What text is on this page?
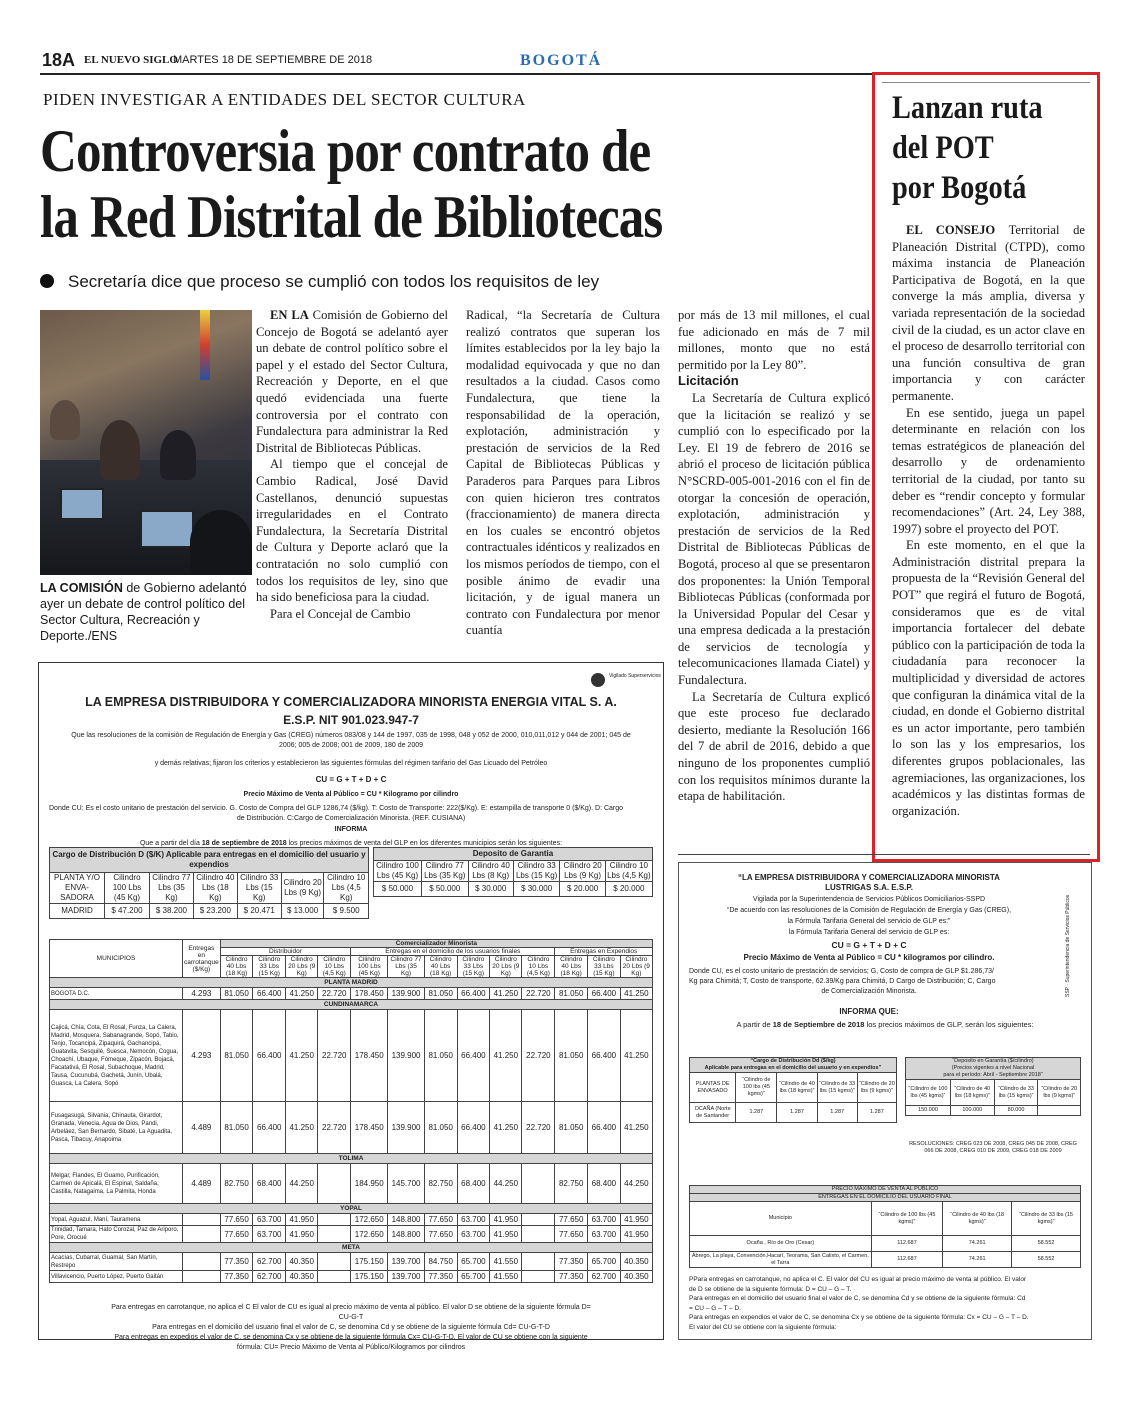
18A EL NUEVO SIGLO
MARTES 18 DE SEPTIEMBRE DE 2018	BOGOTÁ
PIDEN INVESTIGAR A ENTIDADES DEL SECTOR CULTURA
Controversia por contrato de
la Red Distrital de Bibliotecas
Secretaría dice que proceso se cumplió con todos los requisitos de ley
LA COMISIÓN de Gobierno adelantó ayer un debate de control político del Sector Cultura, Recreación y Deporte./ENS

EN LA Comisión de Gobierno del Concejo de Bogotá se adelantó ayer un debate de control político sobre el papel y el estado del Sector Cultura, Recreación y Deporte, en el que quedó evidenciada una fuerte controversia por el contrato con Fundalectura para administrar la Red Distrital de Bibliotecas Públicas.

Al tiempo que el concejal de Cambio Radical, José David Castellanos, denunció supuestas irregularidades en el Contrato Fundalectura, la Secretaría Distrital de Cultura y Deporte aclaró que la contratación no solo cumplió con todos los requisitos de ley, sino que ha sido beneficiosa para la ciudad.

Para el Concejal de Cambio

Radical, “la Secretaría de Cultura realizó contratos que superan los límites establecidos por la ley bajo la modalidad equivocada y que no dan resultados a la ciudad. Casos como Fundalectura, que tiene la responsabilidad de la operación, explotación, administración y prestación de servicios de la Red Capital de Bibliotecas Públicas y Paraderos para Parques para Libros con quien hicieron tres contratos (fraccionamiento) de manera directa en los cuales se encontró objetos contractuales idénticos y realizados en los mismos períodos de tiempo, con el posible ánimo de evadir una licitación, y de igual manera un contrato con Fundalectura por menor cuantía

por más de 13 mil millones, el cual fue adicionado en más de 7 mil millones, monto que no está permitido por la Ley 80”.

Licitación

La Secretaría de Cultura explicó que la licitación se realizó y se cumplió con lo especificado por la Ley. El 19 de febrero de 2016 se abrió el proceso de licitación pública N°SCRD-005-001-2016 con el fin de otorgar la concesión de operación, explotación, administración y prestación de servicios de la Red Distrital de Bibliotecas Públicas de Bogotá, proceso al que se presentaron dos proponentes: la Unión Temporal Bibliotecas Públicas (conformada por la Universidad Popular del Cesar y una empresa dedicada a la prestación de servicios de tecnología y telecomunicaciones llamada Ciatel) y Fundalectura.

La Secretaría de Cultura explicó que este proceso fue declarado desierto, mediante la Resolución 166 del 7 de abril de 2016, debido a que ninguno de los proponentes cumplió con los requisitos mínimos durante la etapa de habilitación.

Lanzan ruta
del POT
por Bogotá

EL CONSEJO Territorial de Planeación Distrital (CTPD), como máxima instancia de Planeación Participativa de Bogotá, en la que converge la más amplia, diversa y variada representación de la sociedad civil de la ciudad, es un actor clave en el proceso de desarrollo territorial con una función consultiva de gran importancia y con carácter permanente.

En ese sentido, juega un papel determinante en relación con los temas estratégicos de planeación del desarrollo y de ordenamiento territorial de la ciudad, por tanto su deber es “rendir concepto y formular recomendaciones” (Art. 24, Ley 388, 1997) sobre el proyecto del POT.

En este momento, en el que la Administración distrital prepara la propuesta de la “Revisión General del POT” que regirá el futuro de Bogotá, consideramos que es de vital importancia fortalecer del debate público con la participación de toda la ciudadanía para reconocer la multiplicidad y diversidad de actores que configuran la dinámica vital de la ciudad, en donde el Gobierno distrital es un actor importante, pero también lo son las y los empresarios, los diferentes grupos poblacionales, las agremiaciones, las organizaciones, los académicos y las distintas formas de organización.

Vigilado Superservicios
LA EMPRESA DISTRIBUIDORA Y COMERCIALIZADORA MINORISTA ENERGIA VITAL S. A.
E.S.P. NIT 901.023.947-7
Que las resoluciones de la comisión de Regulación de Energía y Gas (CREG) números 083/08 y 144 de 1997, 035 de 1998, 048 y 052 de 2000, 010,011,012 y 044 de 2001; 045 de
2006; 005 de 2008; 001 de 2009, 180 de 2009
y demás relativas; fijaron los criterios y establecieron las siguientes fórmulas del régimen tarifario del Gas Licuado del Petróleo
CU = G + T + D + C
Precio Máximo de Venta al Público = CU * Kilogramo por cilindro
Donde CU: Es el costo unitario de prestación del servicio. G. Costo de Compra del GLP 1286,74 ($/kg). T: Costo de Transporte: 222($/Kg). E: estampilla de transporte 0 ($/Kg). D: Cargo
de Distribución. C:Cargo de Comercialización Minorista. (REF. CUSIANA)
INFORMA
Que a partir del día 18 de septiembre de 2018 los precios máximos de venta del GLP en los diferentes municipios serán los siguientes:
Cargo de Distribución D ($/K) Aplicable para entregas en el domicilio del usuario y expendios						
PLANTA Y/O ENVA-SADORA	Cilindro 100 Lbs (45 Kg)	Cilindro 77 Lbs (35 Kg)	Cilindro 40 Lbs (18 Kg)	Cilindro 33 Lbs (15 Kg)	Cilindro 20 Lbs (9 Kg)	Cilindro 10 Lbs (4,5 Kg)
MADRID	$ 47.200	$ 38.200	$ 23.200	$ 20.471	$ 13.000	$ 9.500
Deposito de Garantia					
Cilindro 100 Lbs (45 Kg)	Cilindro 77 Lbs (35 Kg)	Cilindro 40 Lbs (8 Kg)	Cilindro 33 Lbs (15 Kg)	Cilindro 20 Lbs (9 Kg)	Cilindro 10 Lbs (4,5 Kg)
$ 50.000	$ 50.000	$ 30.000	$ 30.000	$ 20.000	$ 20.000
MUNICIPIOS	Entregas en carrotanque ($/Kg)	Comercializador Minorista												
		Distribuidor				Entregas en el domicilio de los usuarios finales						Entregas en Expendios		
		Cilindro 40 Lbs (18 Kg)	Cilindro 33 Lbs (15 Kg)	Cilindro 20 Lbs (9 Kg)	Cilindro 10 Lbs (4,5 Kg)	Cilindro 100 Lbs (45 Kg)	Cilindro 77 Lbs (35 Kg)	Cilindro 40 Lbs (18 Kg)	Cilindro 33 Lbs (15 Kg)	Cilindro 20 Lbs (9 Kg)	Cilindro 10 Lbs (4,5 Kg)	Cilindro 40 Lbs (18 Kg)	Cilindro 33 Lbs (15 Kg)	Cilindro 20 Lbs (9 Kg)
PLANTA MADRID														
BOGOTA D.C.	4.293	81.050	66.400	41.250	22.720	178.450	139.900	81.050	66.400	41.250	22.720	81.050	66.400	41.250
CUNDINAMARCA														
Cajicá, Chía, Cota, El Rosal, Funza, La Calera, Madrid, Mosquera, Sabanagrande, Sopó, Tabio, Tenjo, Tocancipá, Zipaquirá, Gachancipá, Guatavita, Sesquilé, Suesca, Nemocón, Cogua, Choachí, Ubaque, Fómeque, Zipacón, Bojacá, Facatativá, El Rosal, Subachoque, Madrid, Tausa, Cucunubá, Gachetá, Junín, Ubalá, Guasca, La Calera, Sopó	4.293	81.050	66.400	41.250	22.720	178.450	139.900	81.050	66.400	41.250	22.720	81.050	66.400	41.250
Fusagasugá, Silvania, Chinauta, Girardot, Granada, Venecia, Agua de Dios, Pandi, Arbeláez, San Bernardo, Sibaté, La Aguadita, Pasca, Tibacuy, Anapoima	4.489	81.050	66.400	41.250	22.720	178.450	139.900	81.050	66.400	41.250	22.720	81.050	66.400	41.250
TOLIMA														
Melgar, Flandes, El Guamo, Purificación, Carmen de Apicalá, El Espinal, Saldaña, Castilla, Natagaima, La Palmita, Honda	4.489	82.750	68.400	44.250		184.950	145.700	82.750	68.400	44.250		82.750	68.400	44.250
YOPAL														
Yopal, Aguazul, Maní, Tauramena		77.650	63.700	41.950		172.650	148.800	77.650	63.700	41.950		77.650	63.700	41.950
Trinidad, Tamara, Hato Corozal, Paz de Ariporo, Pore, Orocué		77.650	63.700	41.950		172.650	148.800	77.650	63.700	41.950		77.650	63.700	41.950
META														
Acacías, Cubarral, Guamal, San Martín, Restrepo		77.350	62.700	40.350		175.150	139.700	84.750	65.700	41.550		77.350	65.700	40.350
Villavicencio, Puerto López, Puerto Gaitán		77.350	62.700	40.350		175.150	139.700	77.350	65.700	41.550		77.350	62.700	40.350
Para entregas en carrotanque, no aplica el C El valor de CU es igual al precio máximo de venta al público. El valor D se obtiene de la siguiente fórmula D=
CU-G-T
Para entregas en el domicilio del usuario final el valor de C, se denomina Cd y se obtiene de la siguiente fórmula Cd= CU-G-T-D
Para entregas en expedios el valor de C, se denomina Cx y se obtiene de la siguiente fórmula Cx= CU-G-T-D. El valor de CU se obtiene con la siguiente
fórmula: CU= Precio Máximo de Venta al Público/Kilogramos por cilindros
SSP · Superintendencia de Servicios Públicos
“LA EMPRESA DISTRIBUIDORA Y COMERCIALIZADORA MINORISTA
LUSTRIGAS S.A. E.S.P.
Vigilada por la Superintendencia de Servicios Públicos Domiciliarios-SSPD
“De acuerdo con las resoluciones de la Comisión de Regulación de Energía y Gas (CREG),
la Fórmula Tarifaria General del servicio de GLP es:”
la Fórmula Tarifaria General del servicio de GLP es:
CU = G + T + D + C
Precio Máximo de Venta al Público = CU * kilogramos por cilindro.
Donde CU, es el costo unitario de prestación de servicios; G, Costo de compra de GLP $1.286,73/
Kg para Chimitá; T, Costo de transporte, 62.39/Kg para Chimitá, D Cargo de Distribución; C, Cargo
de Comercialización Minorista.
INFORMA QUE:
A partir de 18 de Septiembre de 2018 los precios máximos de GLP, serán los siguientes:
“Cargo de Distribución Dd ($/kg)
Aplicable para entregas en el domicilio del usuario y en expendios”				

PLANTAS DE ENVASADO	“Cilindro de 100 lbs (45 kgms)”	“Cilindro de 40 lbs (18 kgms)”	“Cilindro de 33 lbs (15 kgms)”	“Cilindro de 20 lbs (9 kgms)”
OCAÑA (Norte de Santander	1.287	1.287	1.287	1.287
“Deposito en Garantía ($/cilindro)
(Precios vigentes a nivel Nacional
para el período: Abril - Septiembre 2018”			

“Cilindro de 100 lbs (45 kgms)”	“Cilindro de 40 lbs (18 kgms)”	“Cilindro de 33 lbs (15 kgms)”	“Cilindro de 20 lbs (9 kgms)”
150.000	100.000	80.000	
RESOLUCIONES: CREG 023 DE 2008, CREG 045 DE 2008, CREG 066 DE 2008, CREG 010 DE 2009, CREG 018 DE 2009
PRECIO MÁXIMO DE VENTA AL PÚBLICO			
ENTREGAS EN EL DOMICILIO DEL USUARIO FINAL			
Municipio	“Cilindro de 100 lbs (45 kgms)”	“Cilindro de 40 lbs (18 kgms)”	“Cilindro de 33 lbs (15 kgms)”
Ocaña , Río de Oro (Cesar)	112.687	74.261	58.552
Ábrego, La playa, Convención,Hacarí, Teorama, San Calixto, el Carmen, el Tarra	112.687	74.261	58.552
PPara entregas en carrotanque, no aplica el C. El valor del CU es igual al precio máximo de venta al público. El valor
de D se obtiene de la siguiente fórmula: D = CU – G – T.
Para entregas en el domicilio del usuario final el valor de C, se denomina Cd y se obtiene de la siguiente fórmula: Cd
= CU – G – T – D.
Para entregas en expendios el valor de C, se denomina Cx y se obtiene de la siguiente fórmula: Cx = CU – G – T – D.
El valor del CU se obtiene con la siguiente fórmula:
